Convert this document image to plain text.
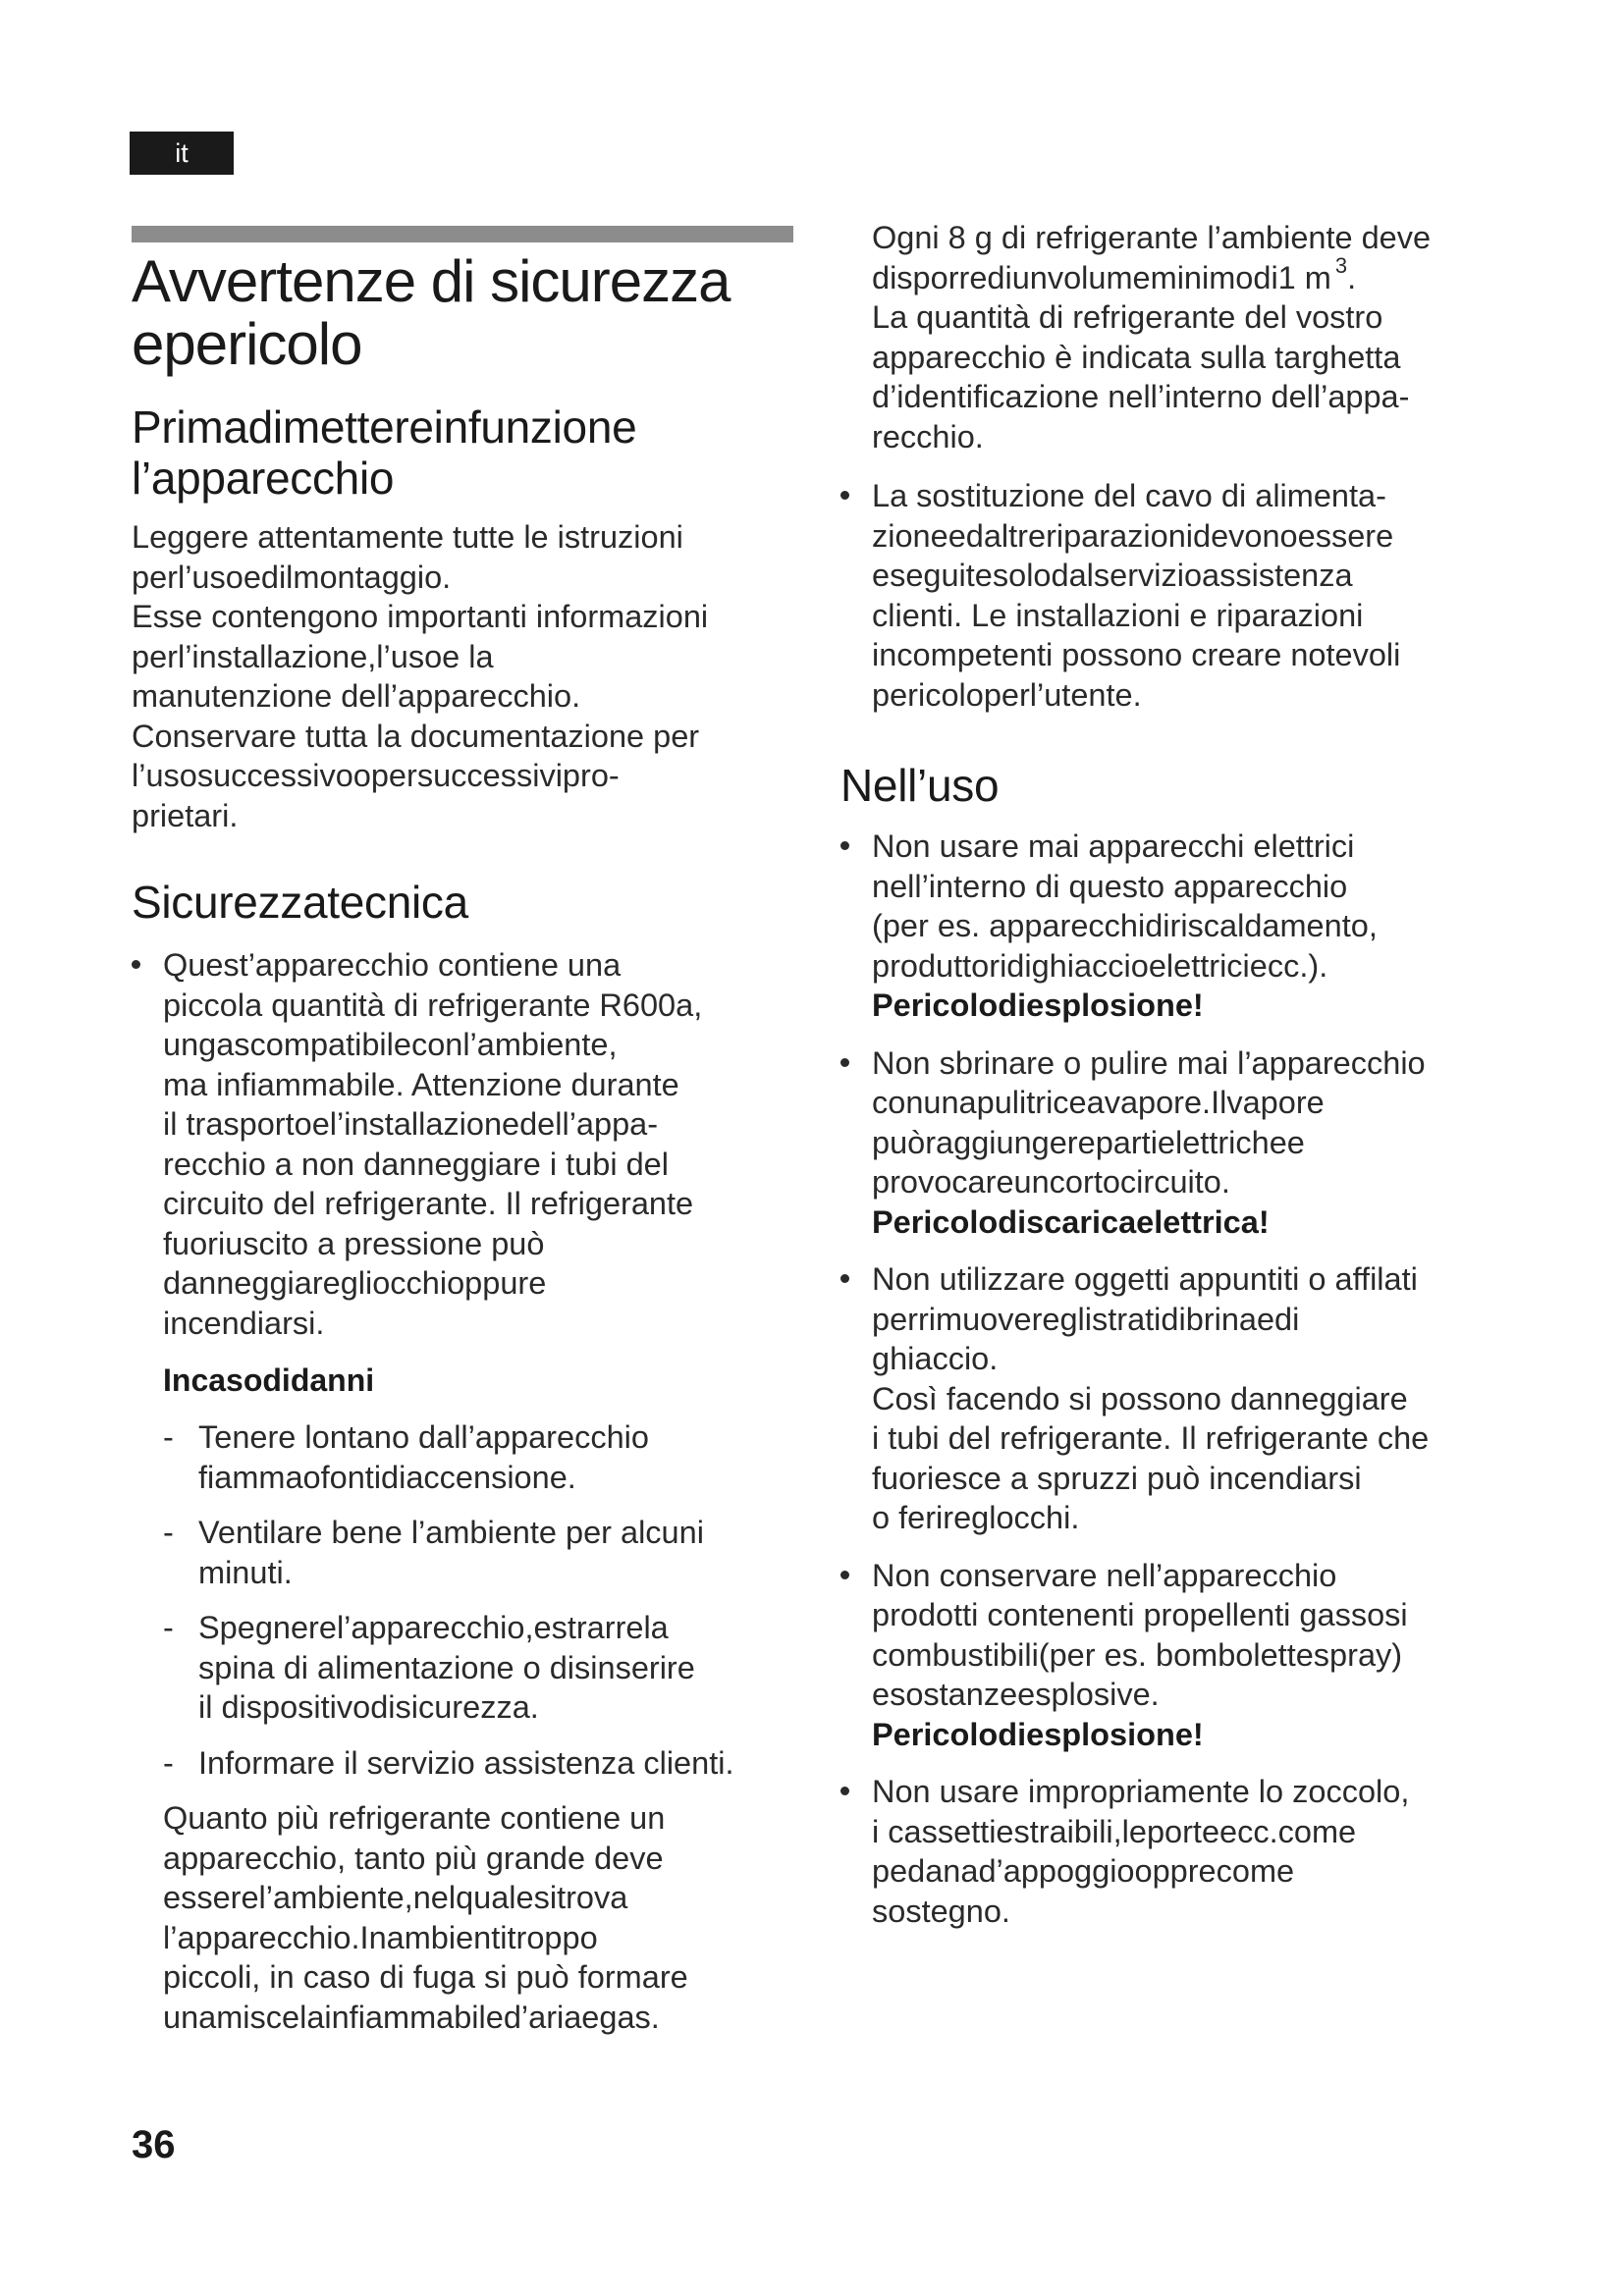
it
Avvertenze di sicurezza
epericolo
Primadimettereinfunzione
l’apparecchio
Leggere attentamente tutte le istruzioni
perl’usoedilmontaggio.
Esse contengono importanti informazioni
perl’installazione,l’usoe la
manutenzione dell’apparecchio.
Conservare tutta la documentazione per
l’usosuccessivoopersuccessivipro-
prietari.
Sicurezzatecnica
Quest’apparecchio contiene una
piccola quantità di refrigerante R600a,
ungascompatibileconl’ambiente,
ma infiammabile. Attenzione durante
il trasportoel’installazionedell’appa-
recchio a non danneggiare i tubi del
circuito del refrigerante. Il refrigerante
fuoriuscito a pressione può
danneggiaregliocchioppure
incendiarsi.
Incasodidanni
- Tenere lontano dall’apparecchio
fiammaofontidiaccensione.
- Ventilare bene l’ambiente per alcuni
minuti.
- Spegnerel’apparecchio,estrarrela
spina di alimentazione o disinserire
il dispositivodisicurezza.
- Informare il servizio assistenza clienti.
Quanto più refrigerante contiene un
apparecchio, tanto più grande deve
esserel’ambiente,nelqualesitrova
l’apparecchio.Inambientitroppo
piccoli, in caso di fuga si può formare
unamiscelainfiammabiled’ariaegas.
Ogni 8 g di refrigerante l’ambiente deve
disporrediunvolumeminimodi1 m $^3$.
La quantità di refrigerante del vostro
apparecchio è indicata sulla targhetta
d’identificazione nell’interno dell’appa-
recchio.
La sostituzione del cavo di alimenta-
zioneedaltreriparazionidevonoessere
eseguitesolodalservizioassistenza
clienti. Le installazioni e riparazioni
incompetenti possono creare notevoli
pericoloperl’utente.
Nell’uso
Non usare mai apparecchi elettrici
nell’interno di questo apparecchio
(per es. apparecchidiriscaldamento,
produttoridighiaccioelettriciecc.).
Pericolodiesplosione!
Non sbrinare o pulire mai l’apparecchio
conunapulitriceavapore.Ilvapore
puòraggiungerepartielettrichee
provocareuncortocircuito.
Pericolodiscaricaelettrica!
Non utilizzare oggetti appuntiti o affilati
perrimuovereglistratidibrinaedi
ghiaccio.
Così facendo si possono danneggiare
i tubi del refrigerante. Il refrigerante che
fuoriesce a spruzzi può incendiarsi
o ferireglocchi.
Non conservare nell’apparecchio
prodotti contenenti propellenti gassosi
combustibili(per es. bombolettespray)
esostanzeesplosive.
Pericolodiesplosione!
Non usare impropriamente lo zoccolo,
i cassettiestraibili,leporteecc.come
pedanad’appoggioopprecome
sostegno.
36
